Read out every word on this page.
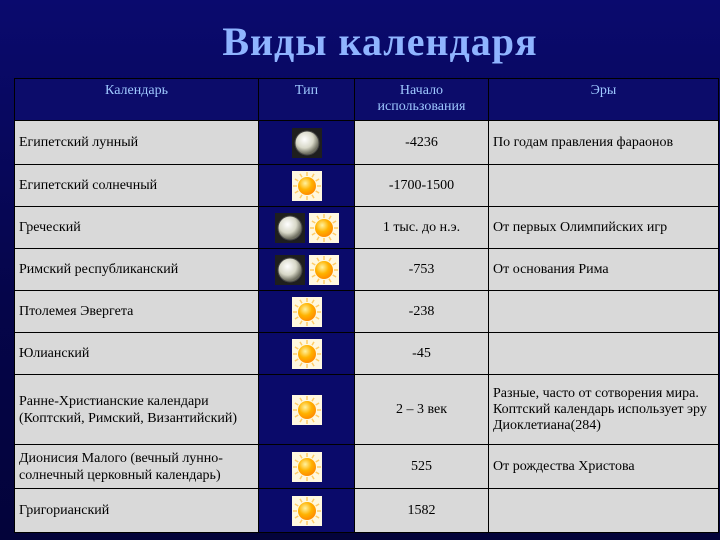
Виды календаря
Календарь	Тип	Начало использования	Эры
Египетский лунный		-4236	По годам правления фараонов
Египетский солнечный		-1700-1500	
Греческий		1 тыс. до н.э.	От первых Олимпийских игр
Римский республиканский		-753	От основания Рима
Птолемея Эвергета		-238	
Юлианский		-45	
Ранне-Христианские календари (Коптский, Римский, Византийский)		2 – 3 век	Разные, часто от сотворения мира. Коптский календарь использует эру Диоклетиана(284)
Дионисия Малого (вечный лунно-солнечный церковный календарь)		525	От рождества Христова
Григорианский		1582	
